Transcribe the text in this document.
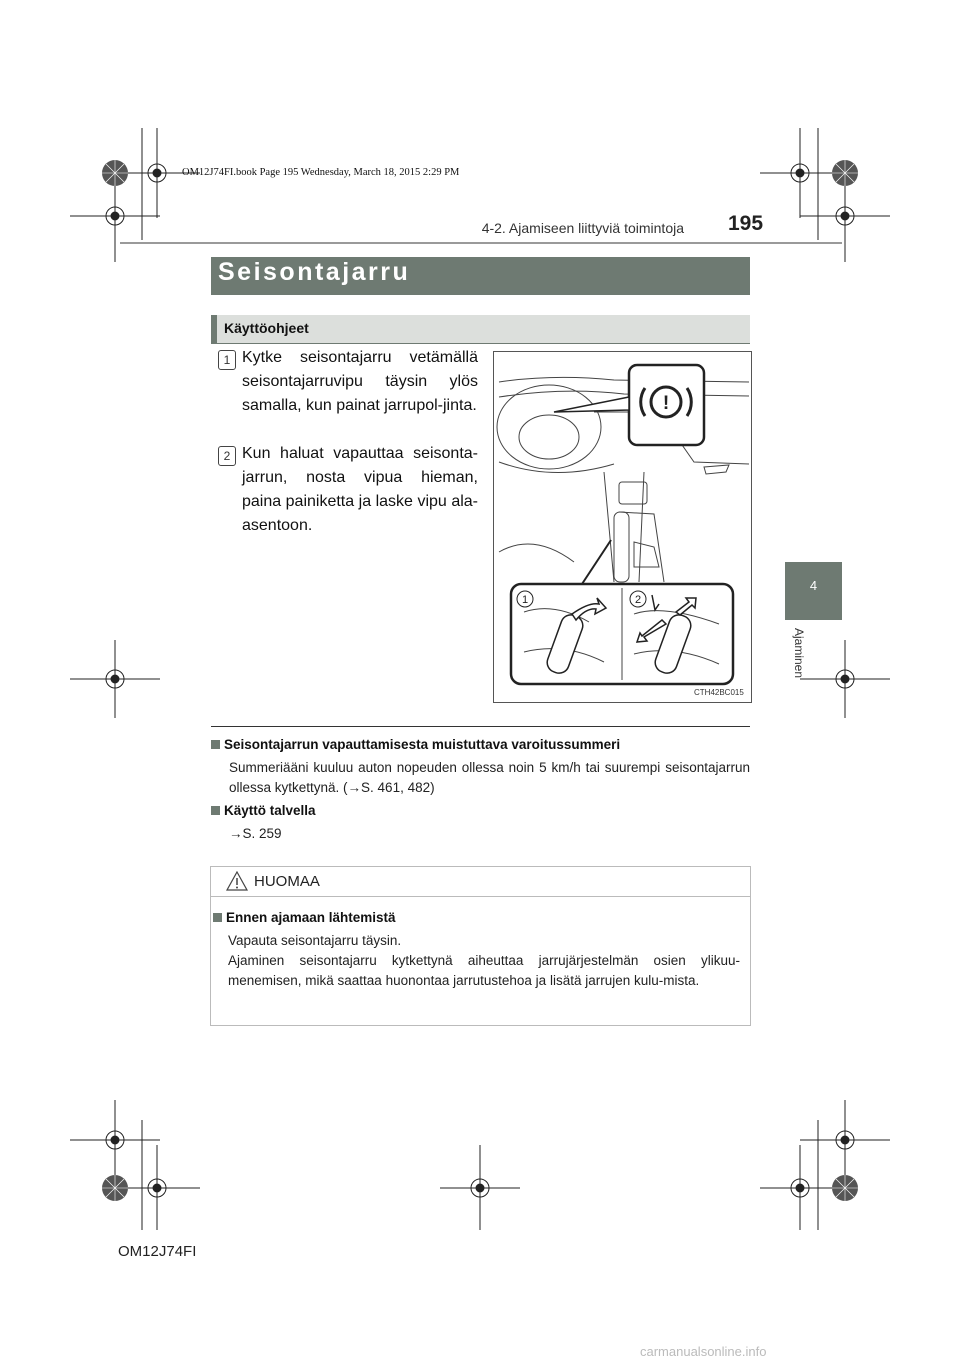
OM12J74FI.book Page 195 Wednesday, March 18, 2015 2:29 PM
4-2. Ajamiseen liittyviä toimintoja 195
4
Ajaminen
Seisontajarru
Käyttöohjeet
1 Kytke seisontajarru vetämällä seisontajarruvipu täysin ylös samalla, kun painat jarrupol-jinta.
2 Kun haluat vapauttaa seisonta-jarrun, nosta vipua hieman, paina painiketta ja laske vipu ala-asentoon.
!
1	2
CTH42BC015
Seisontajarrun vapauttamisesta muistuttava varoitussummeri
Summeriääni kuuluu auton nopeuden ollessa noin 5 km/h tai suurempi seisontajarrun ollessa kytkettynä. (→S. 461, 482)
Käyttö talvella
→S. 259
HUOMAA
Ennen ajamaan lähtemistä
Vapauta seisontajarru täysin.
Ajaminen seisontajarru kytkettynä aiheuttaa jarrujärjestelmän osien ylikuu-menemisen, mikä saattaa huonontaa jarrutustehoa ja lisätä jarrujen kulu-mista.
OM12J74FI
carmanualsonline.info
